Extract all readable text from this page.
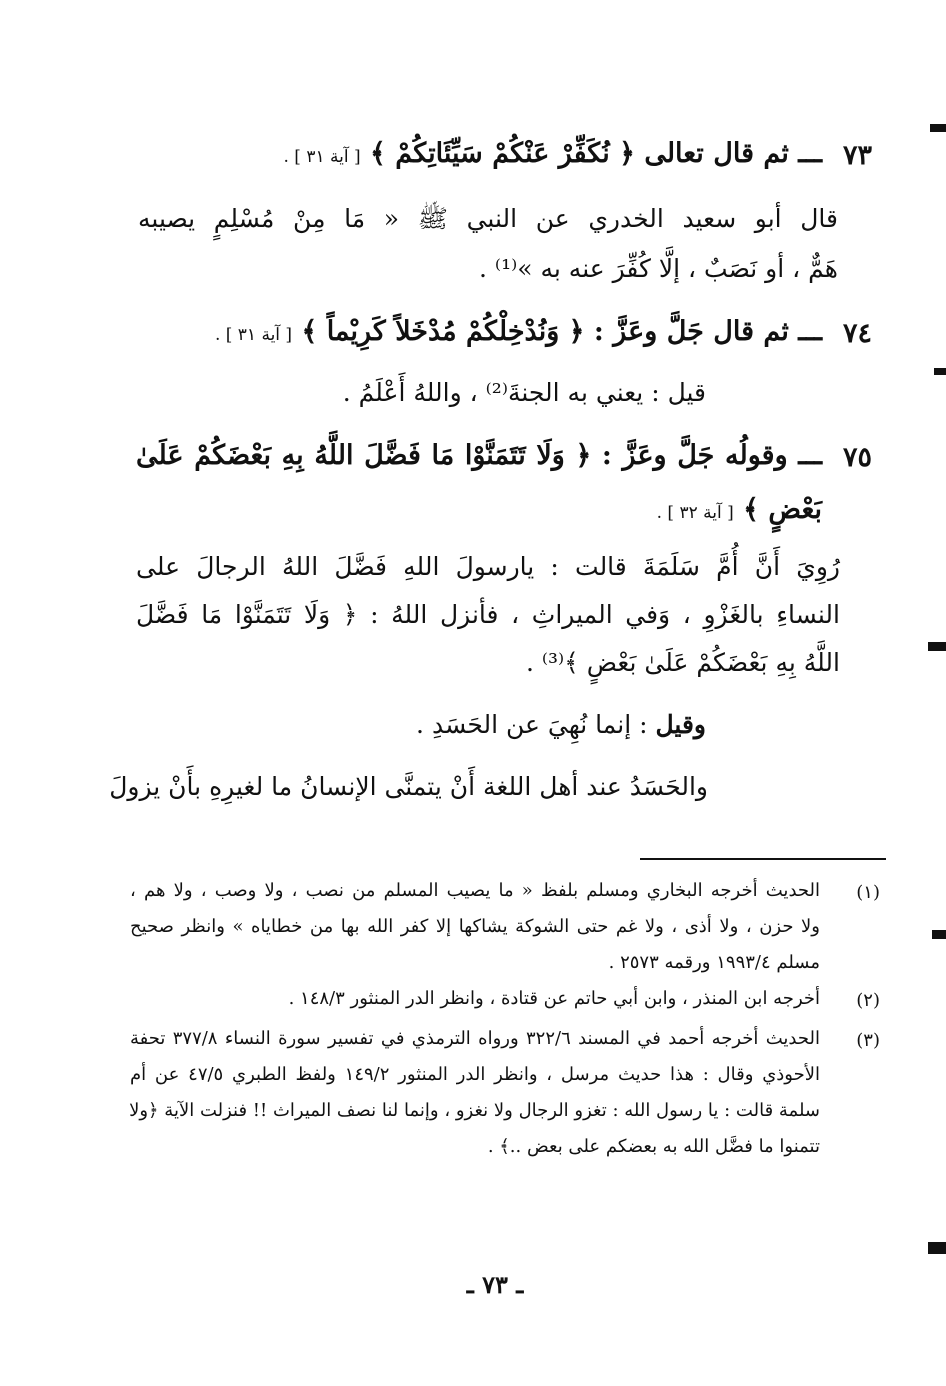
٧٣
ـــ ثم قال تعالى ﴿ نُكَفِّرْ عَنْكُمْ سَيِّئَاتِكُمْ ﴾ [ آية ٣١ ] .
قال أبو سعيد الخدري عن النبي ﷺ « مَا مِنْ مُسْلِمٍ يصيبه
هَمٌّ ، أو نَصَبٌ ، إلَّا كُفِّرَ عنه به »⁽¹⁾ .
٧٤
ـــ ثم قال جَلَّ وعَزَّ : ﴿ وَنُدْخِلْكُمْ مُدْخَلاً كَرِيْماً ﴾ [ آية ٣١ ] .
قيل : يعني به الجنةَ⁽²⁾ ، واللهُ أَعْلَمُ .
٧٥
ـــ وقولُه جَلَّ وعَزَّ : ﴿ وَلَا تَتَمَنَّوْا مَا فَضَّلَ اللَّهُ بِهِ بَعْضَكُمْ عَلَىٰ
بَعْضٍ ﴾ [ آية ٣٢ ] .
رُوِيَ أَنَّ أُمَّ سَلَمَةَ قالت : يارسولَ اللهِ فَضَّلَ اللهُ الرجالَ على
النساءِ بالغَزْوِ ، وَفي الميراثِ ، فأنزل اللهُ : ﴿ وَلَا تَتَمَنَّوْا مَا فَضَّلَ
اللَّهُ بِهِ بَعْضَكُمْ عَلَىٰ بَعْضٍ ﴾⁽³⁾ .
وقيل : إنما نُهِيَ عن الحَسَدِ .
والحَسَدُ عند أهل اللغة أَنْ يتمنَّى الإنسانُ ما لغيرِهِ بأَنْ يزولَ
(١)
الحديث أخرجه البخاري ومسلم بلفظ « ما يصيب المسلم من نصب ، ولا وصب ، ولا هم ،
ولا حزن ، ولا أذى ، ولا غم حتى الشوكة يشاكها إلا كفر الله بها من خطاياه » وانظر صحيح
مسلم ١٩٩٣/٤ ورقمه ٢٥٧٣ .
(٢)
أخرجه ابن المنذر ، وابن أبي حاتم عن قتادة ، وانظر الدر المنثور ١٤٨/٣ .
(٣)
الحديث أخرجه أحمد في المسند ٣٢٢/٦ ورواه الترمذي في تفسير سورة النساء ٣٧٧/٨ تحفة
الأحوذي وقال : هذا حديث مرسل ، وانظر الدر المنثور ١٤٩/٢ ولفظ الطبري ٤٧/٥ عن أم
سلمة قالت : يا رسول الله : تغزو الرجال ولا نغزو ، وإنما لنا نصف الميراث !! فنزلت الآية ﴿ولا
تتمنوا ما فضَّل الله به بعضكم على بعض ..﴾ .
ـ ٧٣ ـ
